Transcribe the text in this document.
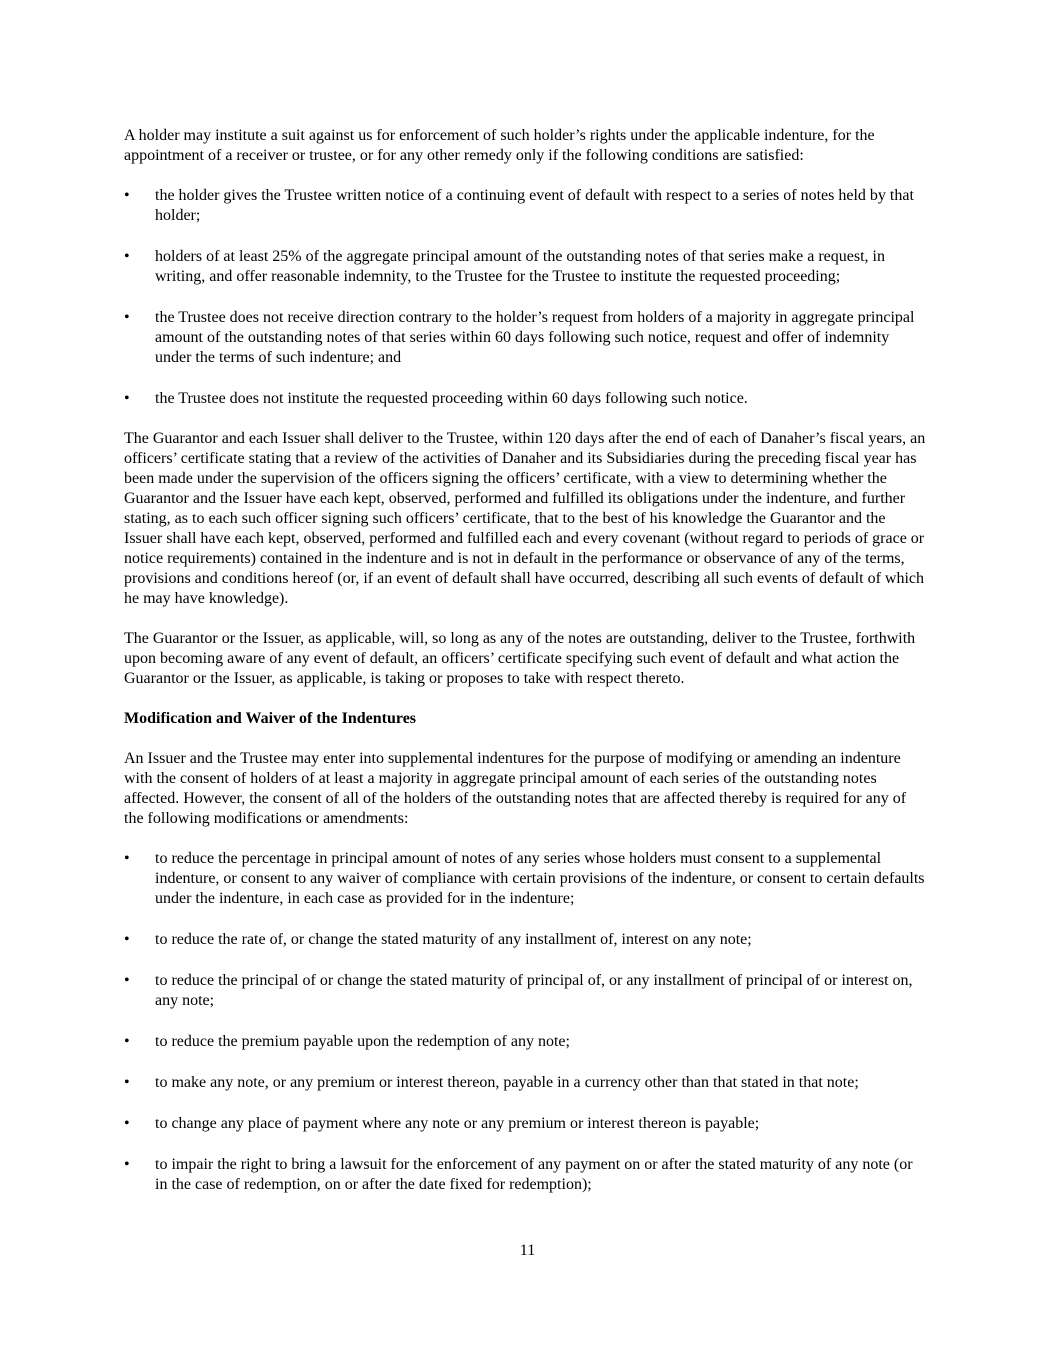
A holder may institute a suit against us for enforcement of such holder’s rights under the applicable indenture, for the appointment of a receiver or trustee, or for any other remedy only if the following conditions are satisfied:

•	the holder gives the Trustee written notice of a continuing event of default with respect to a series of notes held by that holder;
•	holders of at least 25% of the aggregate principal amount of the outstanding notes of that series make a request, in writing, and offer reasonable indemnity, to the Trustee for the Trustee to institute the requested proceeding;
•	the Trustee does not receive direction contrary to the holder’s request from holders of a majority in aggregate principal amount of the outstanding notes of that series within 60 days following such notice, request and offer of indemnity under the terms of such indenture; and
•	the Trustee does not institute the requested proceeding within 60 days following such notice.

The Guarantor and each Issuer shall deliver to the Trustee, within 120 days after the end of each of Danaher’s fiscal years, an officers’ certificate stating that a review of the activities of Danaher and its Subsidiaries during the preceding fiscal year has been made under the supervision of the officers signing the officers’ certificate, with a view to determining whether the Guarantor and the Issuer have each kept, observed, performed and fulfilled its obligations under the indenture, and further stating, as to each such officer signing such officers’ certificate, that to the best of his knowledge the Guarantor and the Issuer shall have each kept, observed, performed and fulfilled each and every covenant (without regard to periods of grace or notice requirements) contained in the indenture and is not in default in the performance or observance of any of the terms, provisions and conditions hereof (or, if an event of default shall have occurred, describing all such events of default of which he may have knowledge).

The Guarantor or the Issuer, as applicable, will, so long as any of the notes are outstanding, deliver to the Trustee, forthwith upon becoming aware of any event of default, an officers’ certificate specifying such event of default and what action the Guarantor or the Issuer, as applicable, is taking or proposes to take with respect thereto.

Modification and Waiver of the Indentures

An Issuer and the Trustee may enter into supplemental indentures for the purpose of modifying or amending an indenture with the consent of holders of at least a majority in aggregate principal amount of each series of the outstanding notes affected. However, the consent of all of the holders of the outstanding notes that are affected thereby is required for any of the following modifications or amendments:

•	to reduce the percentage in principal amount of notes of any series whose holders must consent to a supplemental indenture, or consent to any waiver of compliance with certain provisions of the indenture, or consent to certain defaults under the indenture, in each case as provided for in the indenture;
•	to reduce the rate of, or change the stated maturity of any installment of, interest on any note;
•	to reduce the principal of or change the stated maturity of principal of, or any installment of principal of or interest on, any note;
•	to reduce the premium payable upon the redemption of any note;
•	to make any note, or any premium or interest thereon, payable in a currency other than that stated in that note;
•	to change any place of payment where any note or any premium or interest thereon is payable;
•	to impair the right to bring a lawsuit for the enforcement of any payment on or after the stated maturity of any note (or in the case of redemption, on or after the date fixed for redemption);
11
